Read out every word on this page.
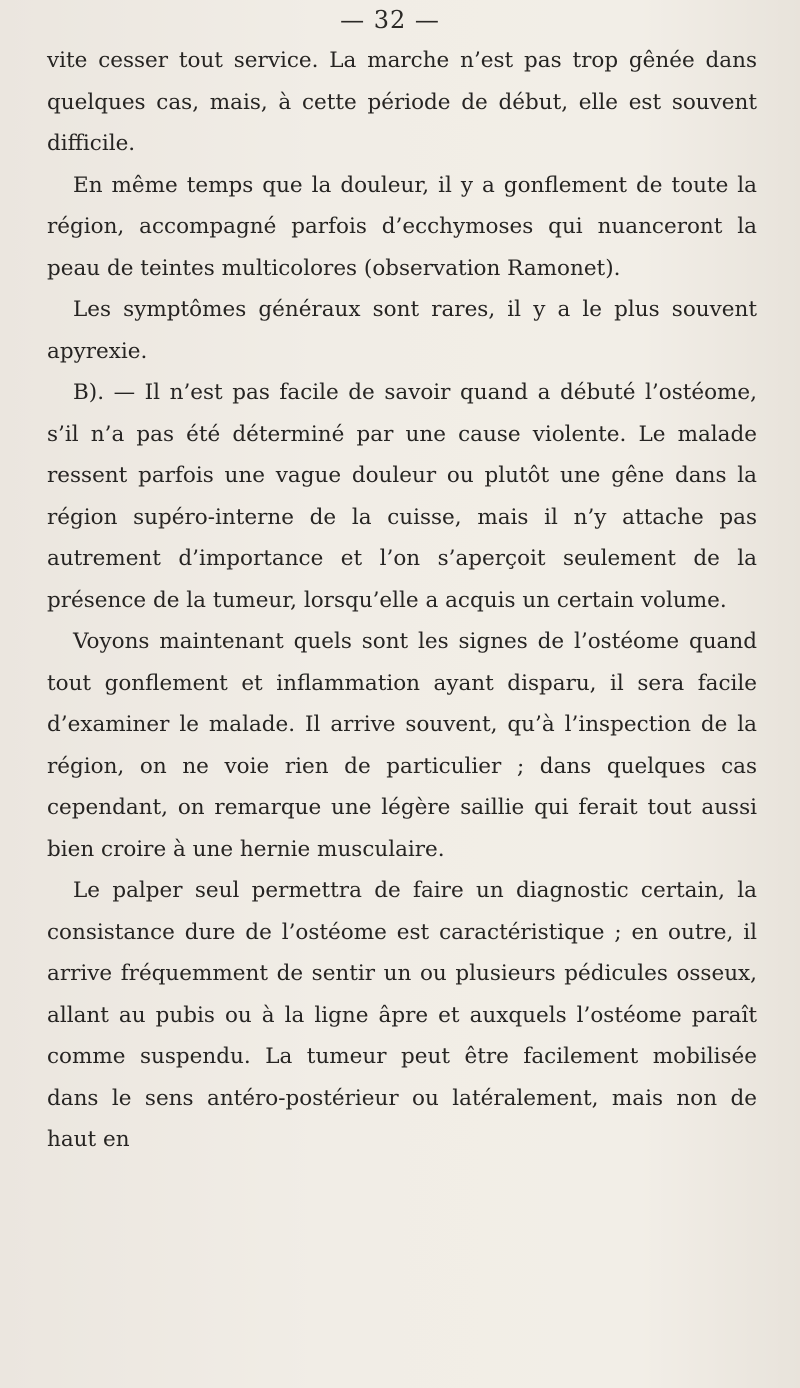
— 32 —

vite cesser tout service. La marche n’est pas trop gênée dans quelques cas, mais, à cette période de début, elle est souvent difficile.

En même temps que la douleur, il y a gonflement de toute la région, accompagné parfois d’ecchymoses qui nuanceront la peau de teintes multicolores (observation Ramonet).

Les symptômes généraux sont rares, il y a le plus souvent apyrexie.

B). — Il n’est pas facile de savoir quand a débuté l’ostéome, s’il n’a pas été déterminé par une cause violente. Le malade ressent parfois une vague douleur ou plutôt une gêne dans la région supéro-interne de la cuisse, mais il n’y attache pas autrement d’importance et l’on s’aperçoit seulement de la présence de la tumeur, lorsqu’elle a acquis un certain volume.

Voyons maintenant quels sont les signes de l’ostéome quand tout gonflement et inflammation ayant disparu, il sera facile d’examiner le malade. Il arrive souvent, qu’à l’inspection de la région, on ne voie rien de particulier ; dans quelques cas cependant, on remarque une légère saillie qui ferait tout aussi bien croire à une hernie musculaire.

Le palper seul permettra de faire un diagnostic certain, la consistance dure de l’ostéome est caractéristique ; en outre, il arrive fréquemment de sentir un ou plusieurs pédicules osseux, allant au pubis ou à la ligne âpre et auxquels l’ostéome paraît comme suspendu. La tumeur peut être facilement mobilisée dans le sens antéro-postérieur ou latéralement, mais non de haut en
